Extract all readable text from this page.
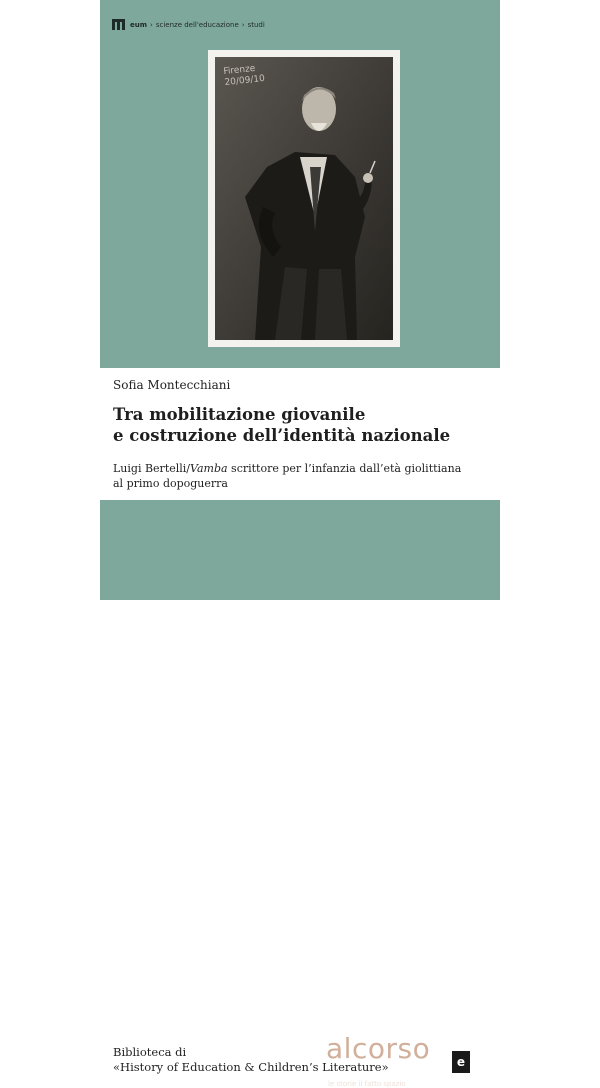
eum › scienze dell'educazione › studi
Firenze 20/09/10
Sofia Montecchiani
Tra mobilitazione giovanile
e costruzione dell’identità nazionale
Luigi Bertelli/Vamba scrittore per l’infanzia dall’età giolittiana
al primo dopoguerra
Biblioteca di
«History of Education & Children’s Literature»
alcorso
le storie il fatto spazio
e
